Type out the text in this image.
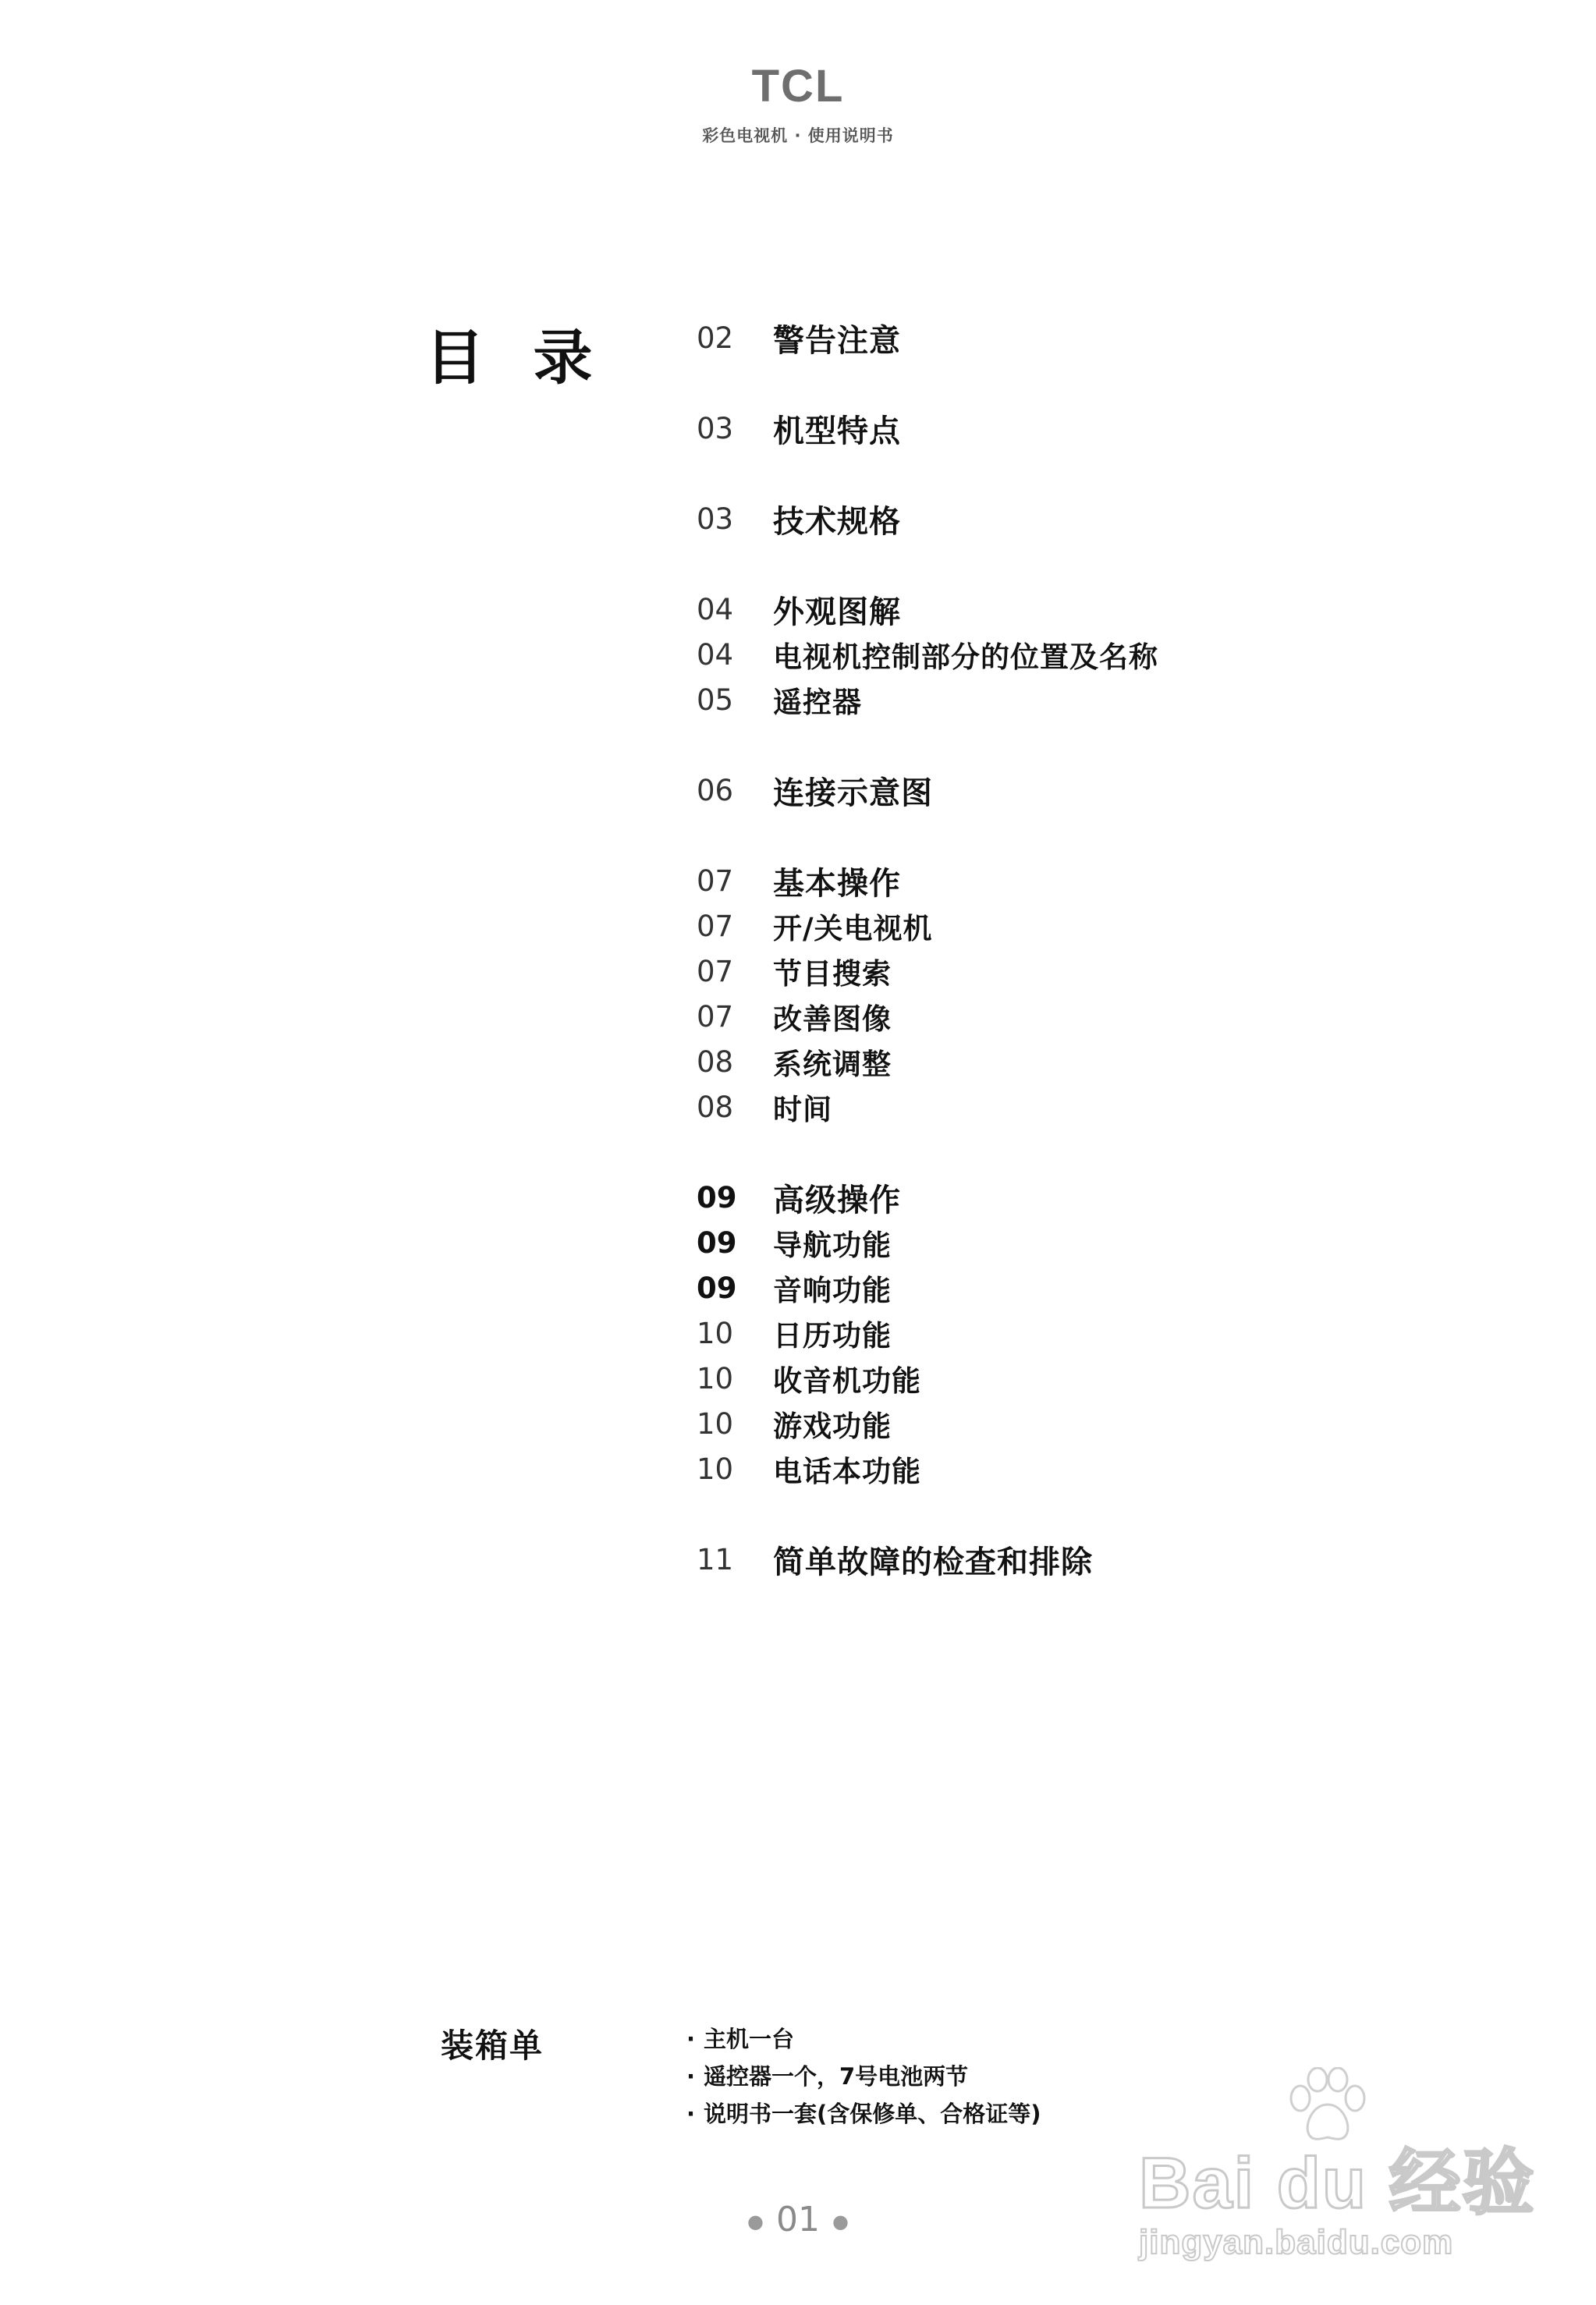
TCL
彩色电视机 · 使用说明书
目 录	02	警告注意
03	机型特点
03	技术规格
04	外观图解
04	电视机控制部分的位置及名称
05	遥控器
06	连接示意图
07	基本操作
07	开/关电视机
07	节目搜索
07	改善图像
08	系统调整
08	时间
09	高级操作
09	导航功能
09	音响功能
10	日历功能
10	收音机功能
10	游戏功能
10	电话本功能
11	简单故障的检查和排除
装箱单	· 主机一台
· 遥控器一个，7号电池两节
· 说明书一套(含保修单、合格证等)
● 01 ●	Bai du 经验
jingyan.baidu.com
